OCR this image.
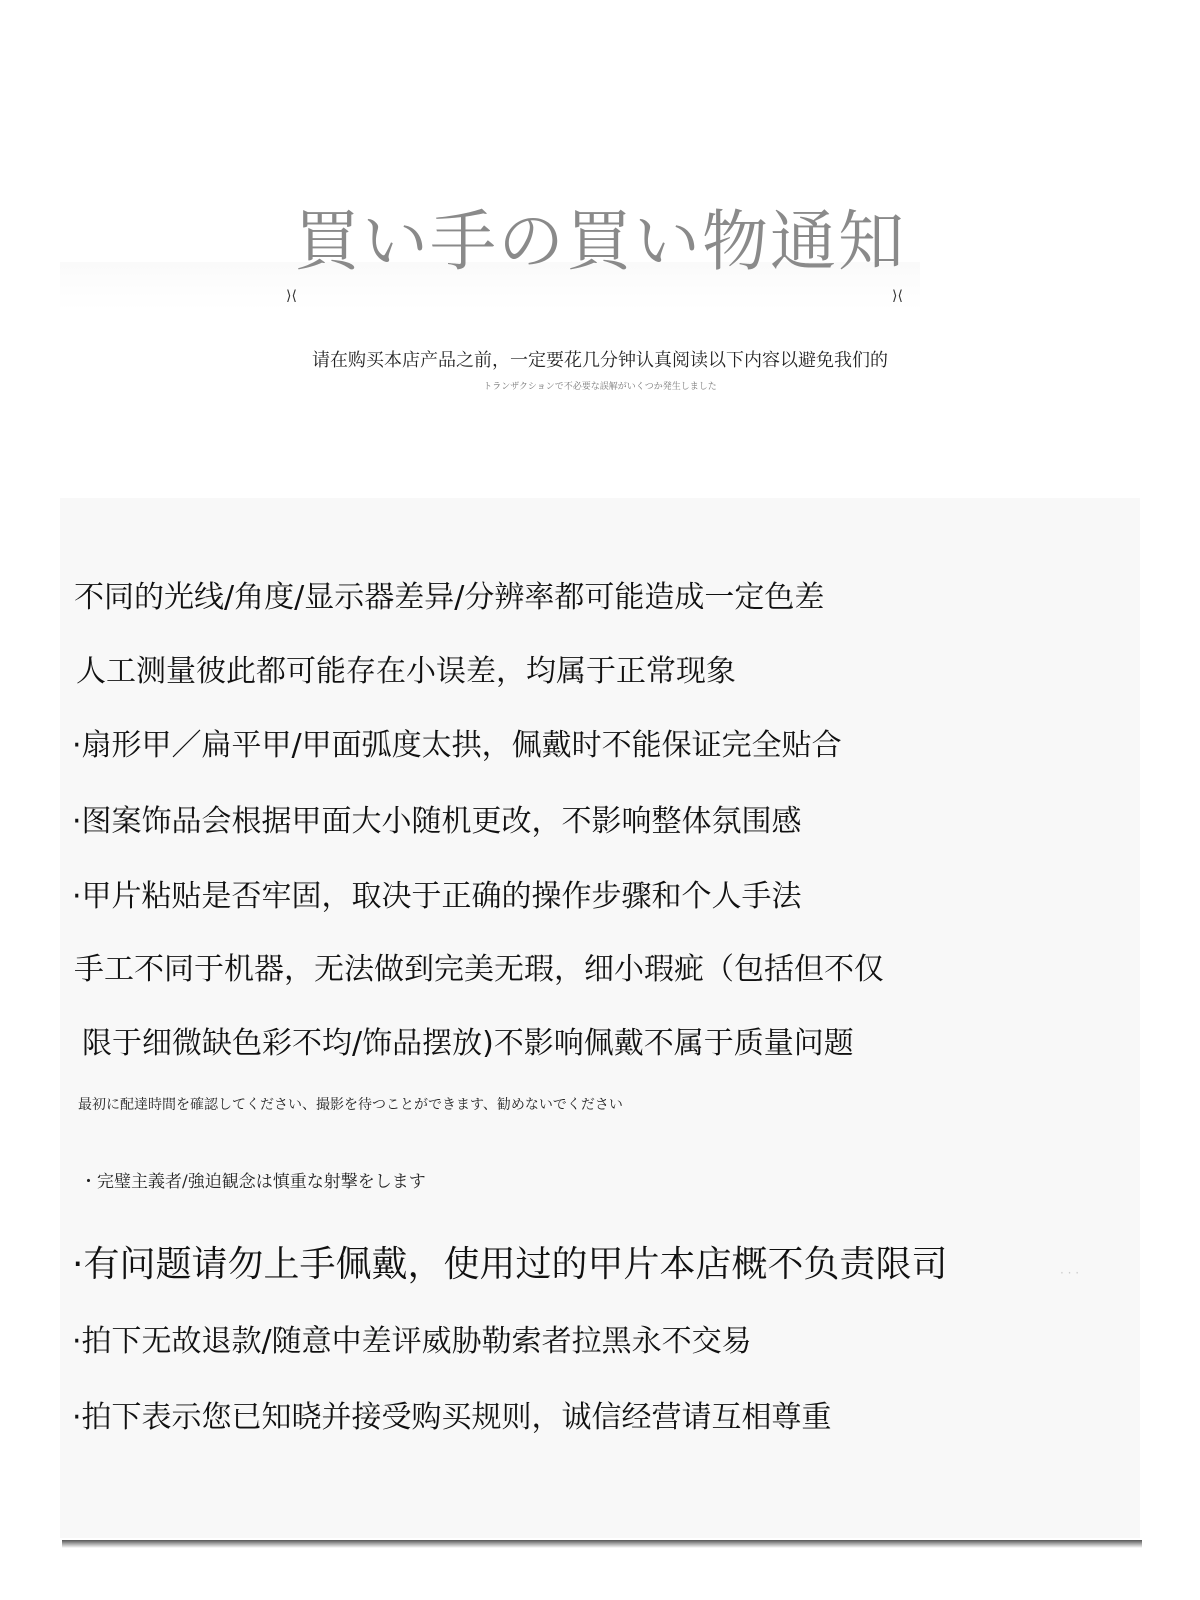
買い手の買い物通知
⟩⟨	⟩⟨
请在购买本店产品之前，一定要花几分钟认真阅读以下内容以避免我们的
トランザクションで不必要な誤解がいくつか発生しました
不同的光线/角度/显示器差异/分辨率都可能造成一定色差
人工测量彼此都可能存在小误差，均属于正常现象
·扇形甲／扁平甲/甲面弧度太拱，佩戴时不能保证完全贴合
·图案饰品会根据甲面大小随机更改，不影响整体氛围感
·甲片粘贴是否牢固，取决于正确的操作步骤和个人手法
手工不同于机器，无法做到完美无瑕，细小瑕疵（包括但不仅
限于细微缺色彩不均/饰品摆放)不影响佩戴不属于质量问题
最初に配達時間を確認してください、撮影を待つことができます、勧めないでください
・完璧主義者/強迫観念は慎重な射撃をします
·有问题请勿上手佩戴，使用过的甲片本店概不负责限司
·拍下无故退款/随意中差评威胁勒索者拉黑永不交易
·拍下表示您已知晓并接受购买规则，诚信经营请互相尊重
· · ·
